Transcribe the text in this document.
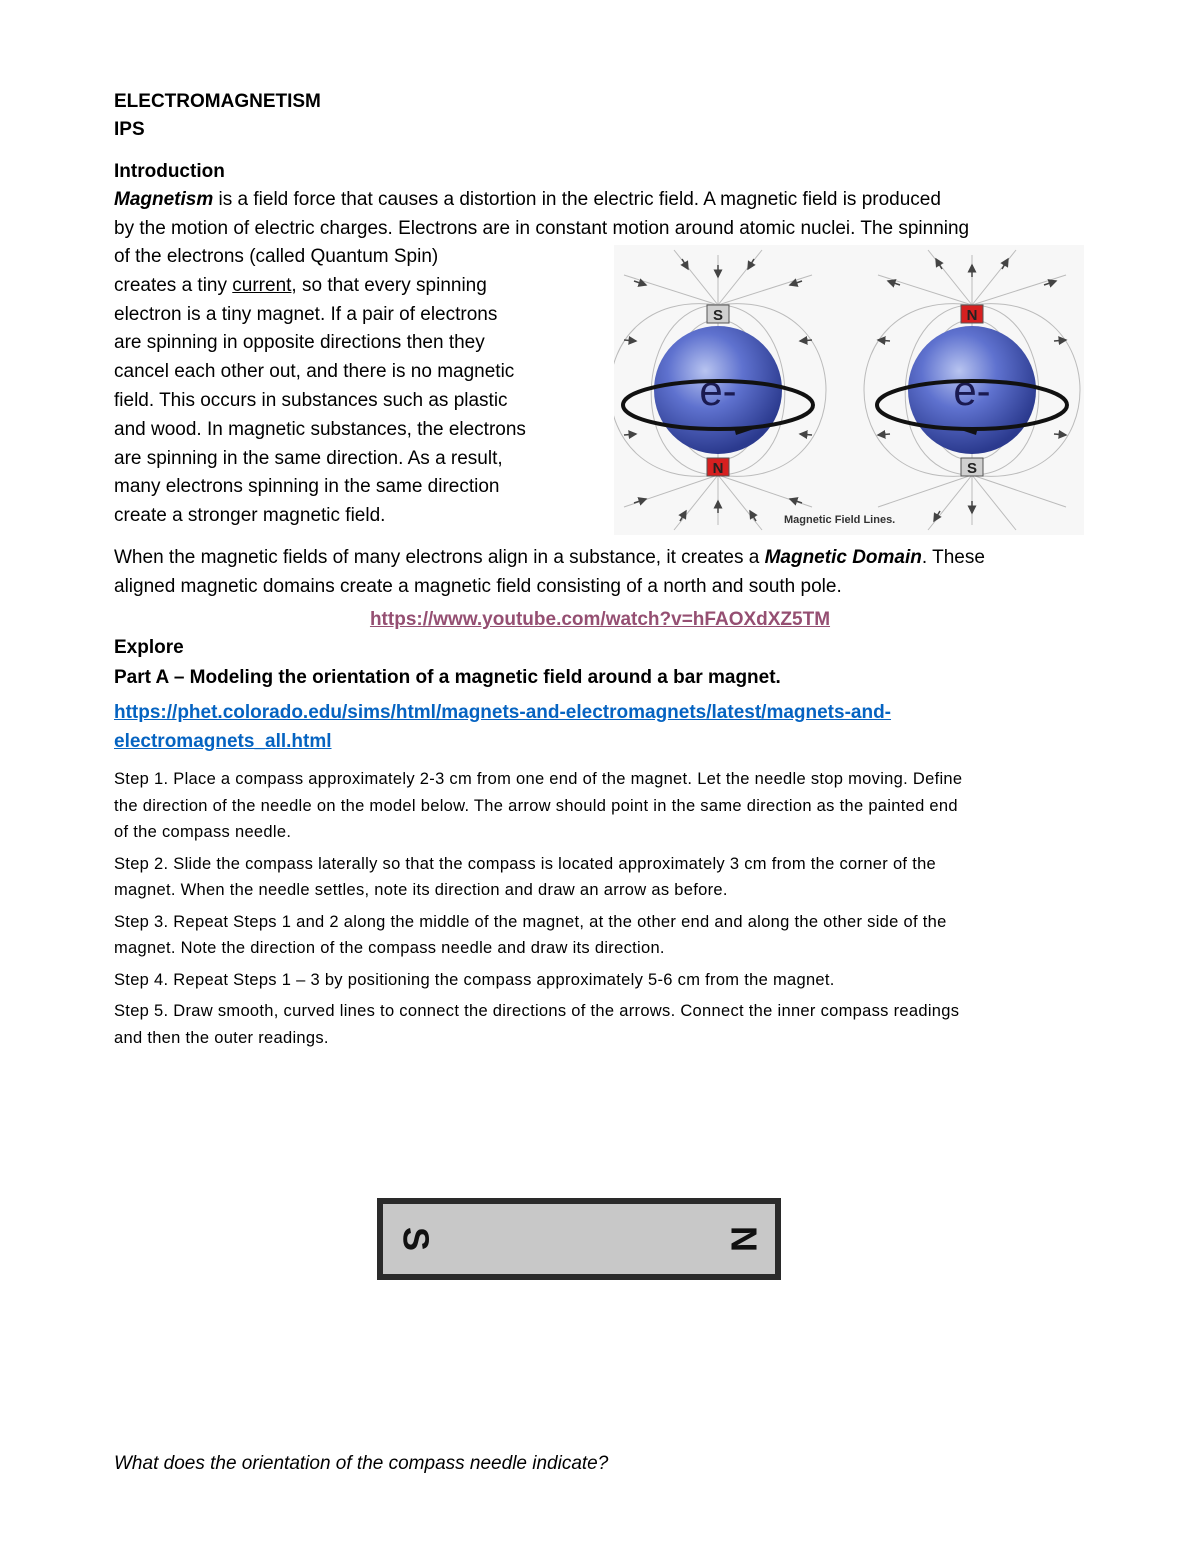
ELECTROMAGNETISM
IPS
Introduction
Magnetism is a field force that causes a distortion in the electric field. A magnetic field is produced
by the motion of electric charges. Electrons are in constant motion around atomic nuclei. The spinning
of the electrons (called Quantum Spin)
creates a tiny current, so that every spinning
electron is a tiny magnet. If a pair of electrons
are spinning in opposite directions then they
cancel each other out, and there is no magnetic
field. This occurs in substances such as plastic
and wood. In magnetic substances, the electrons
are spinning in the same direction. As a result,
many electrons spinning in the same direction
create a stronger magnetic field.
e-
S
N
e-
N
S
Magnetic Field Lines.
When the magnetic fields of many electrons align in a substance, it creates a Magnetic Domain. These
aligned magnetic domains create a magnetic field consisting of a north and south pole.
https://www.youtube.com/watch?v=hFAOXdXZ5TM
Explore
Part A – Modeling the orientation of a magnetic field around a bar magnet.
https://phet.colorado.edu/sims/html/magnets-and-electromagnets/latest/magnets-and-
electromagnets_all.html
Step 1. Place a compass approximately 2-3 cm from one end of the magnet. Let the needle stop moving. Define
the direction of the needle on the model below. The arrow should point in the same direction as the painted end
of the compass needle.
Step 2. Slide the compass laterally so that the compass is located approximately 3 cm from the corner of the
magnet. When the needle settles, note its direction and draw an arrow as before.
Step 3. Repeat Steps 1 and 2 along the middle of the magnet, at the other end and along the other side of the
magnet. Note the direction of the compass needle and draw its direction.
Step 4. Repeat Steps 1 – 3 by positioning the compass approximately 5-6 cm from the magnet.
Step 5. Draw smooth, curved lines to connect the directions of the arrows. Connect the inner compass readings
and then the outer readings.
S	N
What does the orientation of the compass needle indicate?
